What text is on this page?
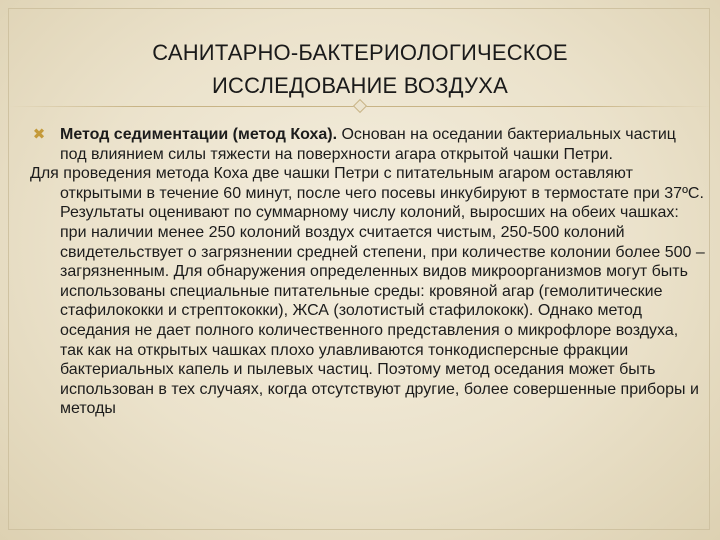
САНИТАРНО-БАКТЕРИОЛОГИЧЕСКОЕ
ИССЛЕДОВАНИЕ ВОЗДУХА
✖ Метод седиментации (метод Коха). Основан на оседании бактериальных частиц под влиянием силы тяжести на поверхности агара открытой чашки Петри.
Для проведения метода Коха две чашки Петри с питательным агаром оставляют открытыми в течение 60 минут, после чего посевы инкубируют в термостате при 37ºС. Результаты оценивают по суммарному числу колоний, выросших на обеих чашках: при наличии менее 250 колоний воздух считается чистым, 250-500 колоний свидетельствует о загрязнении средней степени, при количестве колонии более 500 – загрязненным. Для обнаружения определенных видов микроорганизмов могут быть использованы специальные питательные среды: кровяной агар (гемолитические стафилококки и стрептококки), ЖСА (золотистый стафилококк). Однако метод оседания не дает полного количественного представления о микрофлоре воздуха, так как на открытых чашках плохо улавливаются тонкодисперсные фракции бактериальных капель и пылевых частиц. Поэтому метод оседания может быть использован в тех случаях, когда отсутствуют другие, более совершенные приборы и методы
